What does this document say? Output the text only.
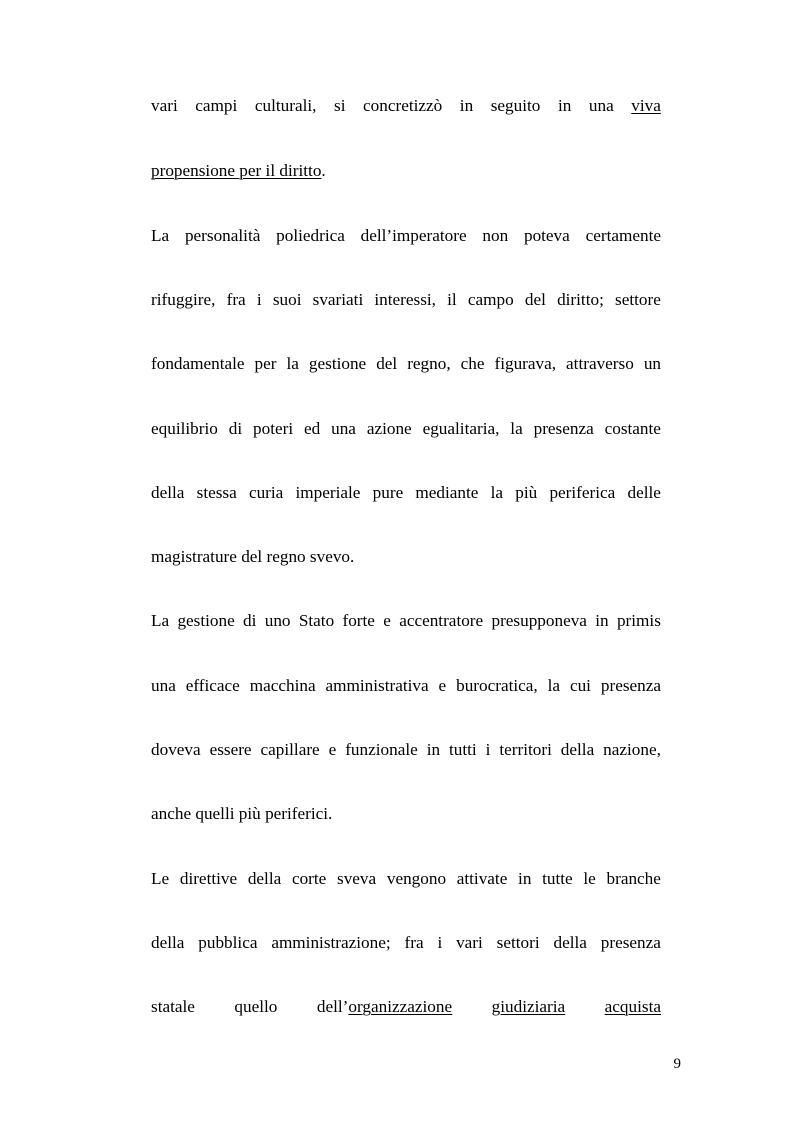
vari campi culturali, si concretizzò in seguito in una viva
propensione per il diritto.
La personalità poliedrica dell’imperatore non poteva certamente
rifuggire, fra i suoi svariati interessi, il campo del diritto; settore
fondamentale per la gestione del regno, che figurava, attraverso un
equilibrio di poteri ed una azione egualitaria, la presenza costante
della stessa curia imperiale pure mediante la più periferica delle
magistrature del regno svevo.
La gestione di uno Stato forte e accentratore presupponeva in primis
una efficace macchina amministrativa e burocratica, la cui presenza
doveva essere capillare e funzionale in tutti i territori della nazione,
anche quelli più periferici.
Le direttive della corte sveva vengono attivate in tutte le branche
della pubblica amministrazione; fra i vari settori della presenza
statale quello dell’organizzazione giudiziaria acquista
9
